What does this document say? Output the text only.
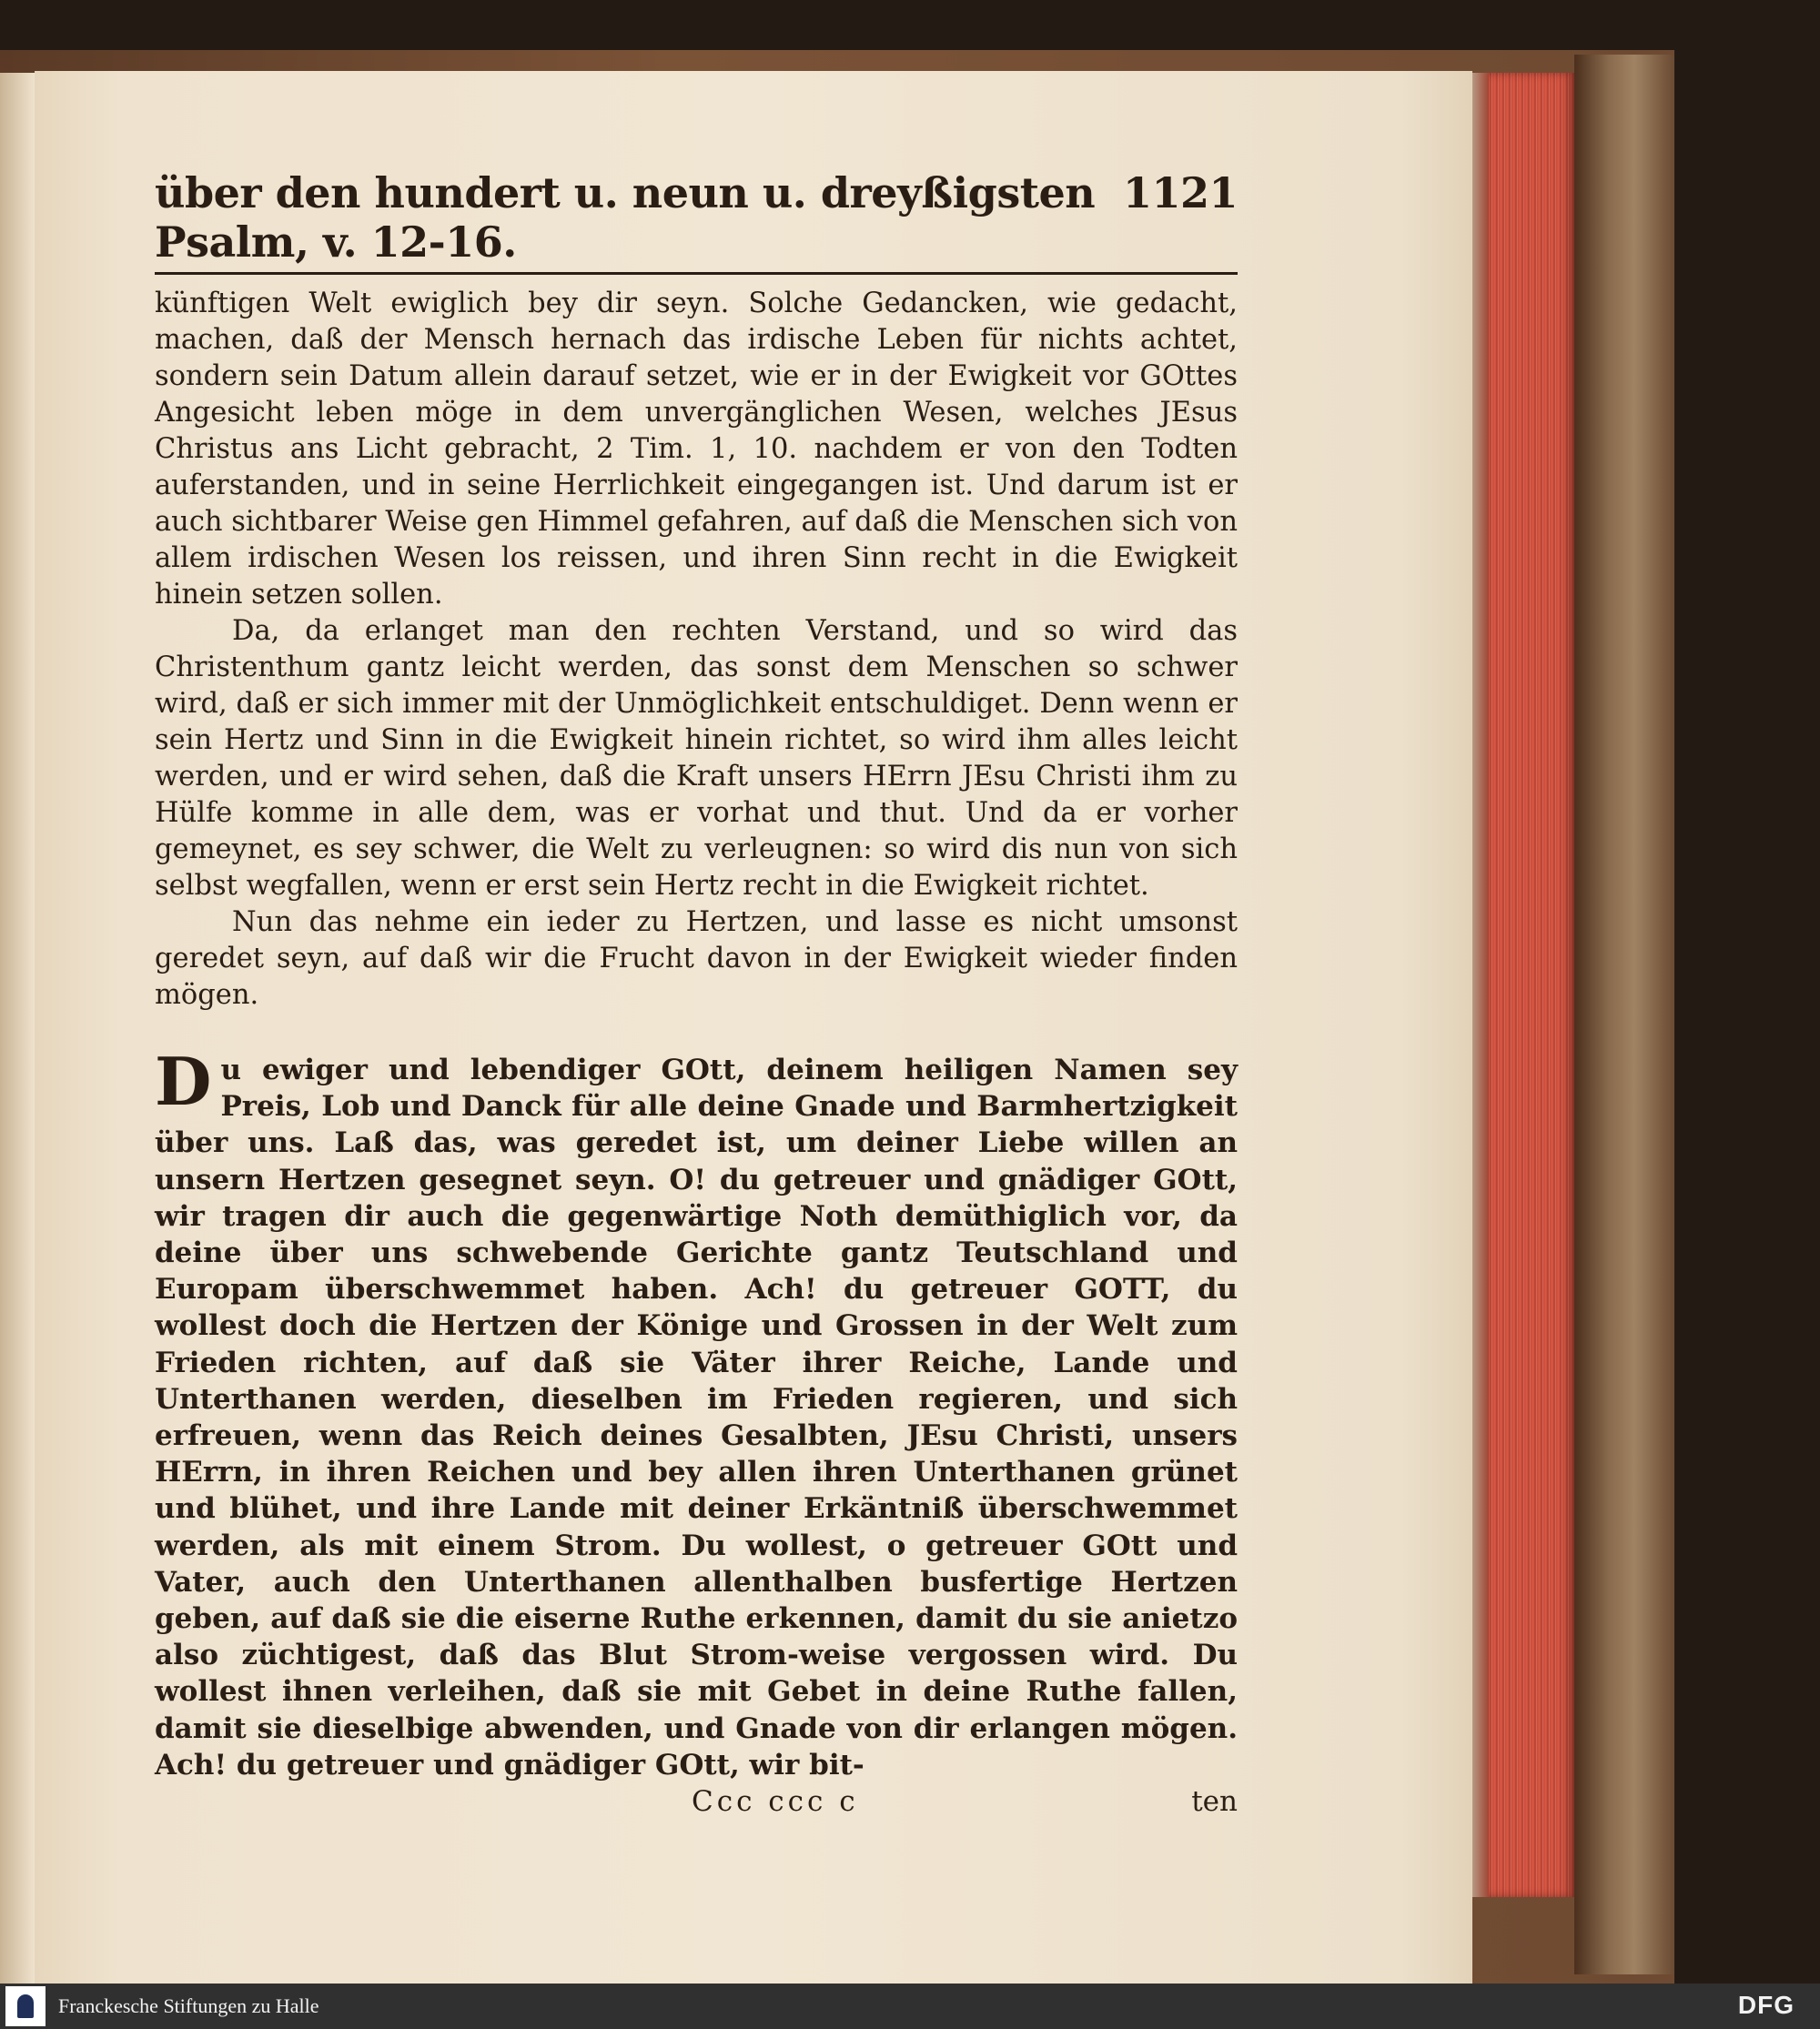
über den hundert u. neun u. dreyßigsten Psalm, v. 12-16.
1121

künftigen Welt ewiglich bey dir seyn. Solche Gedancken, wie gedacht, machen, daß der Mensch hernach das irdische Leben für nichts achtet, sondern sein Datum allein darauf setzet, wie er in der Ewigkeit vor GOttes Angesicht leben möge in dem unvergänglichen Wesen, welches JEsus Christus ans Licht gebracht, 2 Tim. 1, 10. nachdem er von den Todten auferstanden, und in seine Herrlichkeit eingegangen ist. Und darum ist er auch sichtbarer Weise gen Himmel gefahren, auf daß die Menschen sich von allem irdischen Wesen los reissen, und ihren Sinn recht in die Ewigkeit hinein setzen sollen.

Da, da erlanget man den rechten Verstand, und so wird das Christenthum gantz leicht werden, das sonst dem Menschen so schwer wird, daß er sich immer mit der Unmöglichkeit entschuldiget. Denn wenn er sein Hertz und Sinn in die Ewigkeit hinein richtet, so wird ihm alles leicht werden, und er wird sehen, daß die Kraft unsers HErrn JEsu Christi ihm zu Hülfe komme in alle dem, was er vorhat und thut. Und da er vorher gemeynet, es sey schwer, die Welt zu verleugnen: so wird dis nun von sich selbst wegfallen, wenn er erst sein Hertz recht in die Ewigkeit richtet.

Nun das nehme ein ieder zu Hertzen, und lasse es nicht umsonst geredet seyn, auf daß wir die Frucht davon in der Ewigkeit wieder finden mögen.

D u ewiger und lebendiger GOtt, deinem heiligen Namen sey Preis, Lob und Danck für alle deine Gnade und Barmhertzigkeit über uns. Laß das, was geredet ist, um deiner Liebe willen an unsern Hertzen gesegnet seyn. O! du getreuer und gnädiger GOtt, wir tragen dir auch die gegenwärtige Noth demüthiglich vor, da deine über uns schwebende Gerichte gantz Teutschland und Europam überschwemmet haben. Ach! du getreuer GOTT, du wollest doch die Hertzen der Könige und Grossen in der Welt zum Frieden richten, auf daß sie Väter ihrer Reiche, Lande und Unterthanen werden, dieselben im Frieden regieren, und sich erfreuen, wenn das Reich deines Gesalbten, JEsu Christi, unsers HErrn, in ihren Reichen und bey allen ihren Unterthanen grünet und blühet, und ihre Lande mit deiner Erkäntniß überschwemmet werden, als mit einem Strom. Du wollest, o getreuer GOtt und Vater, auch den Unterthanen allenthalben busfertige Hertzen geben, auf daß sie die eiserne Ruthe erkennen, damit du sie anietzo also züchtigest, daß das Blut Strom-weise vergossen wird. Du wollest ihnen verleihen, daß sie mit Gebet in deine Ruthe fallen, damit sie dieselbige abwenden, und Gnade von dir erlangen mögen. Ach! du getreuer und gnädiger GOtt, wir bit-
Ccc ccc c	ten
Franckesche Stiftungen zu Halle	DFG
